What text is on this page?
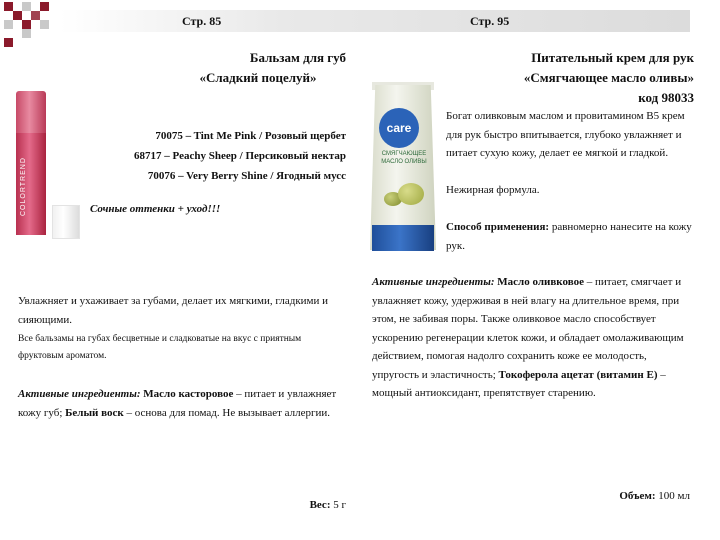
Стр. 85	Стр. 95
Бальзам для губ
«Сладкий поцелуй»
COLORTREND
70075 – Tint Me Pink / Розовый щербет
68717 – Peachy Sheep / Персиковый нектар
70076 – Very Berry Shine / Ягодный мусс
Сочные оттенки + уход!!!
Увлажняет и ухаживает за губами, делает их мягкими, гладкими и сияющими.
Все бальзамы на губах бесцветные и сладковатые на вкус с приятным фруктовым ароматом.
Активные ингредиенты: Масло касторовое – питает и увлажняет кожу губ; Белый воск – основа для помад. Не вызывает аллергии.
Вес: 5 г
Питательный крем для рук
«Смягчающее масло оливы»
код 98033
care
СМЯГЧАЮЩЕЕ МАСЛО ОЛИВЫ
Богат оливковым маслом и провитамином В5 крем для рук быстро впитывается, глубоко увлажняет и питает сухую кожу, делает ее мягкой и гладкой.
Нежирная формула.
Способ применения: равномерно нанесите на кожу рук.
Активные ингредиенты: Масло оливковое – питает, смягчает и увлажняет кожу, удерживая в ней влагу на длительное время, при этом, не забивая поры. Также оливковое масло способствует ускорению регенерации клеток кожи, и обладает омолаживающим действием, помогая надолго сохранить коже ее молодость, упругость и эластичность; Токоферола ацетат (витамин Е) – мощный антиоксидант, препятствует старению.
Объем: 100 мл
